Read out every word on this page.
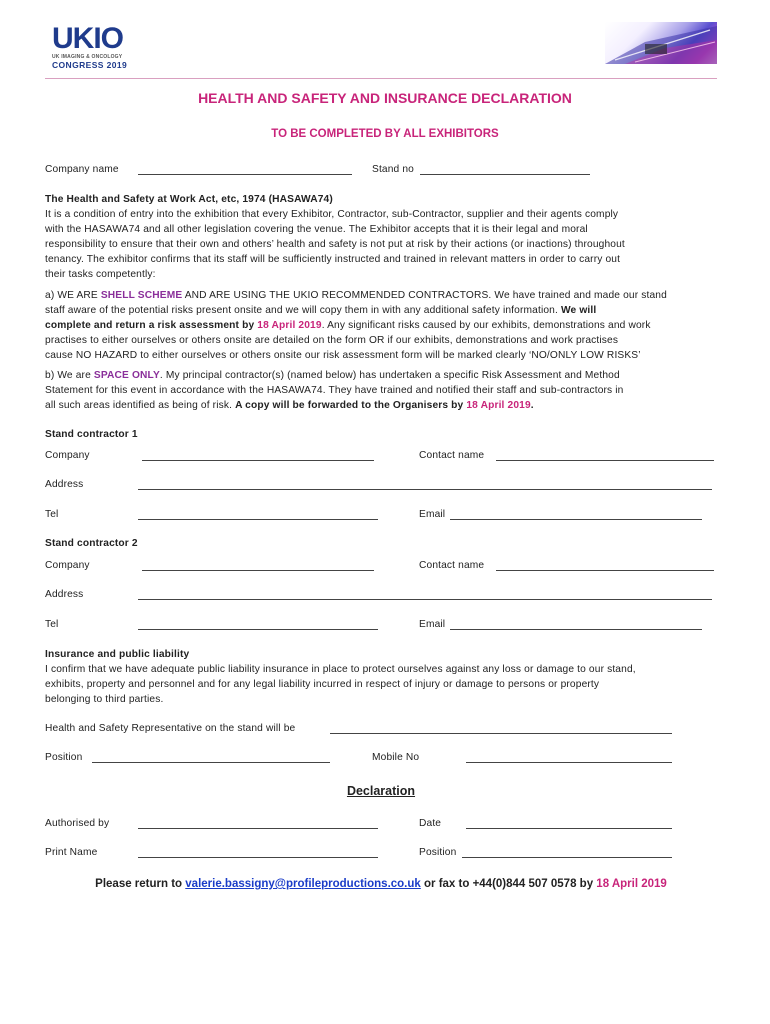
UKIO
UK IMAGING & ONCOLOGY
CONGRESS 2019
HEALTH AND SAFETY AND INSURANCE DECLARATION
TO BE COMPLETED BY ALL EXHIBITORS
Company name	Stand no
The Health and Safety at Work Act, etc, 1974 (HASAWA74)
It is a condition of entry into the exhibition that every Exhibitor, Contractor, sub-Contractor, supplier and their agents comply
with the HASAWA74 and all other legislation covering the venue. The Exhibitor accepts that it is their legal and moral
responsibility to ensure that their own and others’ health and safety is not put at risk by their actions (or inactions) throughout
tenancy. The exhibitor confirms that its staff will be sufficiently instructed and trained in relevant matters in order to carry out
their tasks competently:
a) WE ARE SHELL SCHEME AND ARE USING THE UKIO RECOMMENDED CONTRACTORS. We have trained and made our stand
staff aware of the potential risks present onsite and we will copy them in with any additional safety information. We will
complete and return a risk assessment by 18 April 2019. Any significant risks caused by our exhibits, demonstrations and work
practises to either ourselves or others onsite are detailed on the form OR if our exhibits, demonstrations and work practises
cause NO HAZARD to either ourselves or others onsite our risk assessment form will be marked clearly ‘NO/ONLY LOW RISKS’
b) We are SPACE ONLY. My principal contractor(s) (named below) has undertaken a specific Risk Assessment and Method
Statement for this event in accordance with the HASAWA74. They have trained and notified their staff and sub-contractors in
all such areas identified as being of risk. A copy will be forwarded to the Organisers by 18 April 2019.
Stand contractor 1
Company	Contact name
Address
Tel	Email
Stand contractor 2
Company	Contact name
Address
Tel	Email
Insurance and public liability
I confirm that we have adequate public liability insurance in place to protect ourselves against any loss or damage to our stand,
exhibits, property and personnel and for any legal liability incurred in respect of injury or damage to persons or property
belonging to third parties.
Health and Safety Representative on the stand will be
Position	Mobile No
Declaration
Authorised by	Date
Print Name	Position
Please return to valerie.bassigny@profileproductions.co.uk or fax to +44(0)844 507 0578 by 18 April 2019
